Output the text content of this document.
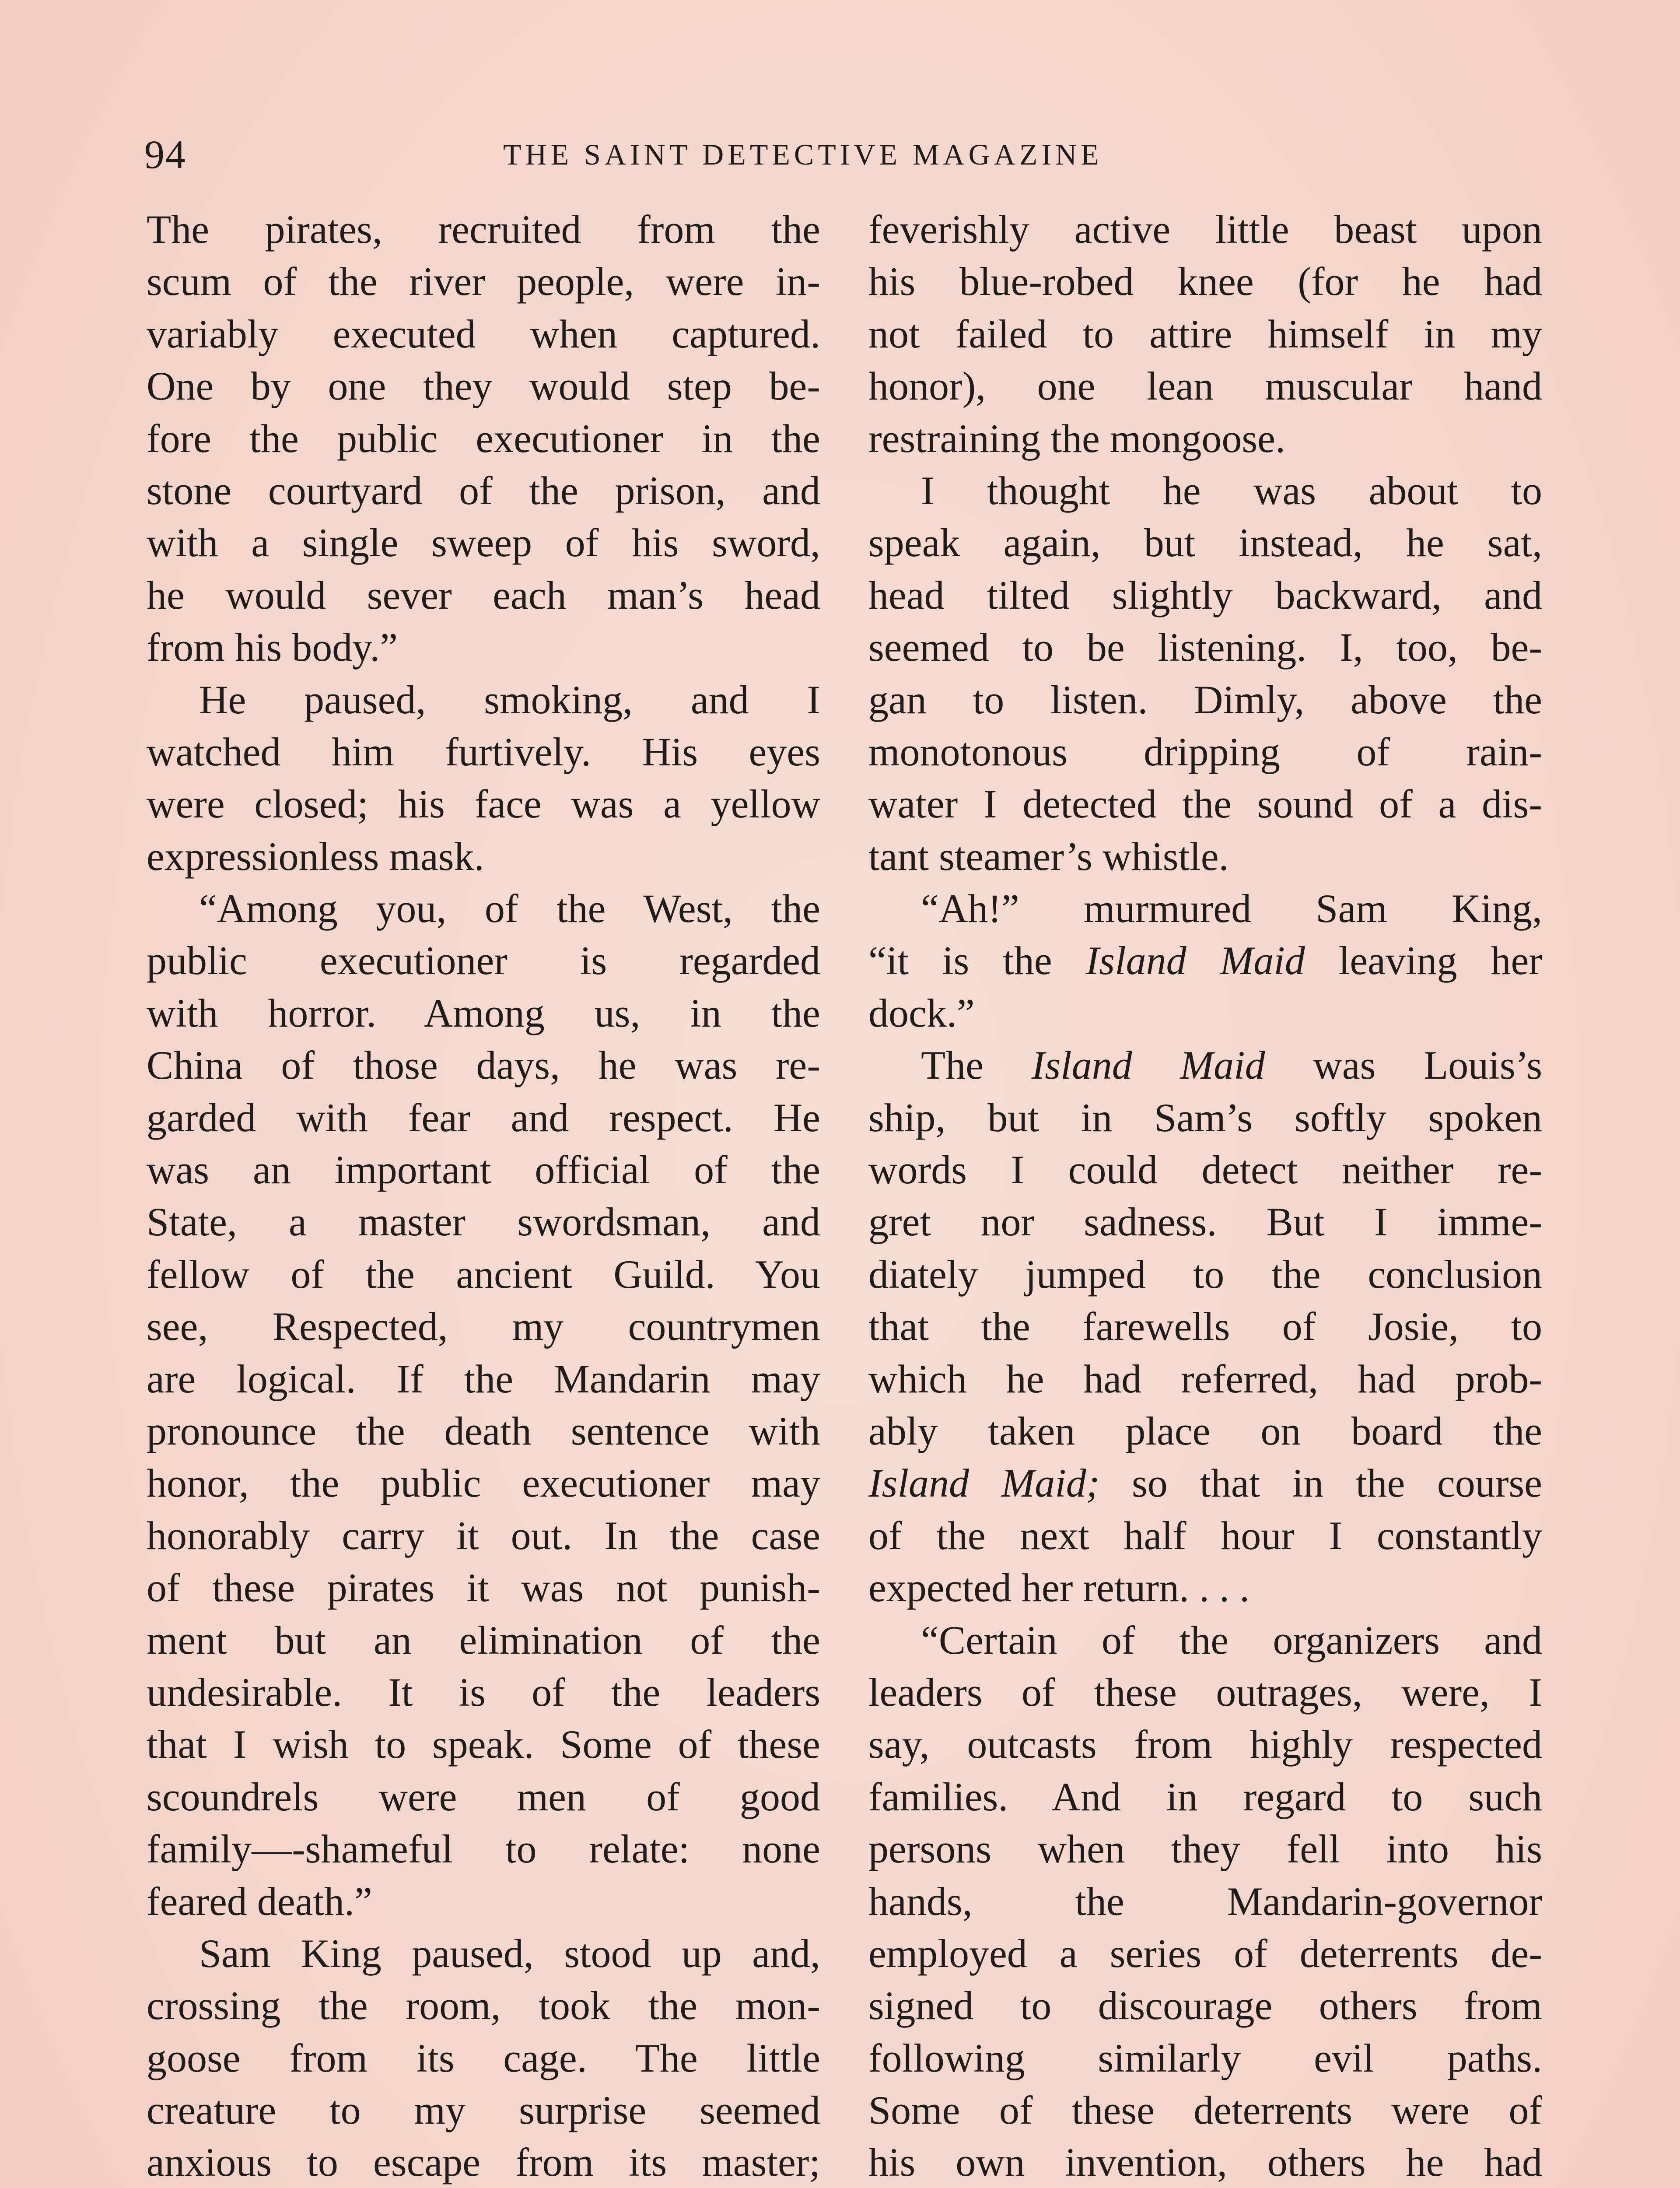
94	THE SAINT DETECTIVE MAGAZINE
The pirates, recruited from the
scum of the river people, were in-
variably executed when captured.
One by one they would step be-
fore the public executioner in the
stone courtyard of the prison, and
with a single sweep of his sword,
he would sever each man’s head
from his body.”
He paused, smoking, and I
watched him furtively. His eyes
were closed; his face was a yellow
expressionless mask.
“Among you, of the West, the
public executioner is regarded
with horror. Among us, in the
China of those days, he was re-
garded with fear and respect. He
was an important official of the
State, a master swordsman, and
fellow of the ancient Guild. You
see, Respected, my countrymen
are logical. If the Mandarin may
pronounce the death sentence with
honor, the public executioner may
honorably carry it out. In the case
of these pirates it was not punish-
ment but an elimination of the
undesirable. It is of the leaders
that I wish to speak. Some of these
scoundrels were men of good
family—-shameful to relate: none
feared death.”
Sam King paused, stood up and,
crossing the room, took the mon-
goose from its cage. The little
creature to my surprise seemed
anxious to escape from its master;
feverishly active little beast upon
his blue-robed knee (for he had
not failed to attire himself in my
honor), one lean muscular hand
restraining the mongoose.
I thought he was about to
speak again, but instead, he sat,
head tilted slightly backward, and
seemed to be listening. I, too, be-
gan to listen. Dimly, above the
monotonous dripping of rain-
water I detected the sound of a dis-
tant steamer’s whistle.
“Ah!” murmured Sam King,
“it is the Island Maid leaving her
dock.”
The Island Maid was Louis’s
ship, but in Sam’s softly spoken
words I could detect neither re-
gret nor sadness. But I imme-
diately jumped to the conclusion
that the farewells of Josie, to
which he had referred, had prob-
ably taken place on board the
Island Maid; so that in the course
of the next half hour I constantly
expected her return. . . .
“Certain of the organizers and
leaders of these outrages, were, I
say, outcasts from highly respected
families. And in regard to such
persons when they fell into his
hands, the Mandarin-governor
employed a series of deterrents de-
signed to discourage others from
following similarly evil paths.
Some of these deterrents were of
his own invention, others he had
